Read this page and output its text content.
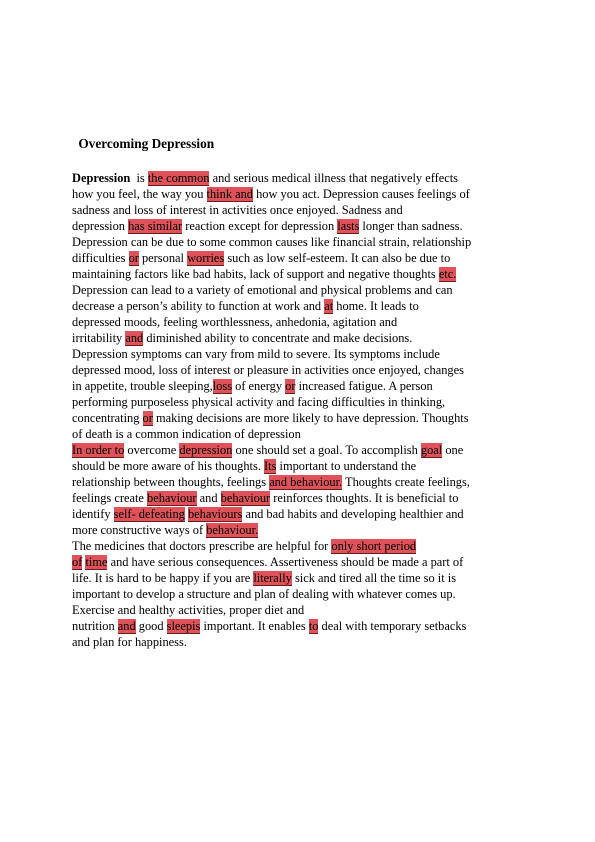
Overcoming Depression
Depression  is the common and serious medical illness that negatively effects
how you feel, the way you think and how you act. Depression causes feelings of
sadness and loss of interest in activities once enjoyed. Sadness and
depression has similar reaction except for depression lasts longer than sadness.
Depression can be due to some common causes like financial strain, relationship
difficulties or personal worries such as low self-esteem. It can also be due to
maintaining factors like bad habits, lack of support and negative thoughts etc.
Depression can lead to a variety of emotional and physical problems and can
decrease a person’s ability to function at work and at home. It leads to
depressed moods, feeling worthlessness, anhedonia, agitation and
irritability and diminished ability to concentrate and make decisions.
Depression symptoms can vary from mild to severe. Its symptoms include
depressed mood, loss of interest or pleasure in activities once enjoyed, changes
in appetite, trouble sleeping,loss of energy or increased fatigue. A person
performing purposeless physical activity and facing difficulties in thinking,
concentrating or making decisions are more likely to have depression. Thoughts
of death is a common indication of depression
In order to overcome depression one should set a goal. To accomplish goal one
should be more aware of his thoughts. Its important to understand the
relationship between thoughts, feelings and behaviour. Thoughts create feelings,
feelings create behaviour and behaviour reinforces thoughts. It is beneficial to
identify self- defeating behaviours and bad habits and developing healthier and
more constructive ways of behaviour.
The medicines that doctors prescribe are helpful for only short period
of time and have serious consequences. Assertiveness should be made a part of
life. It is hard to be happy if you are literally sick and tired all the time so it is
important to develop a structure and plan of dealing with whatever comes up.
Exercise and healthy activities, proper diet and
nutrition and good sleepis important. It enables to deal with temporary setbacks
and plan for happiness.
